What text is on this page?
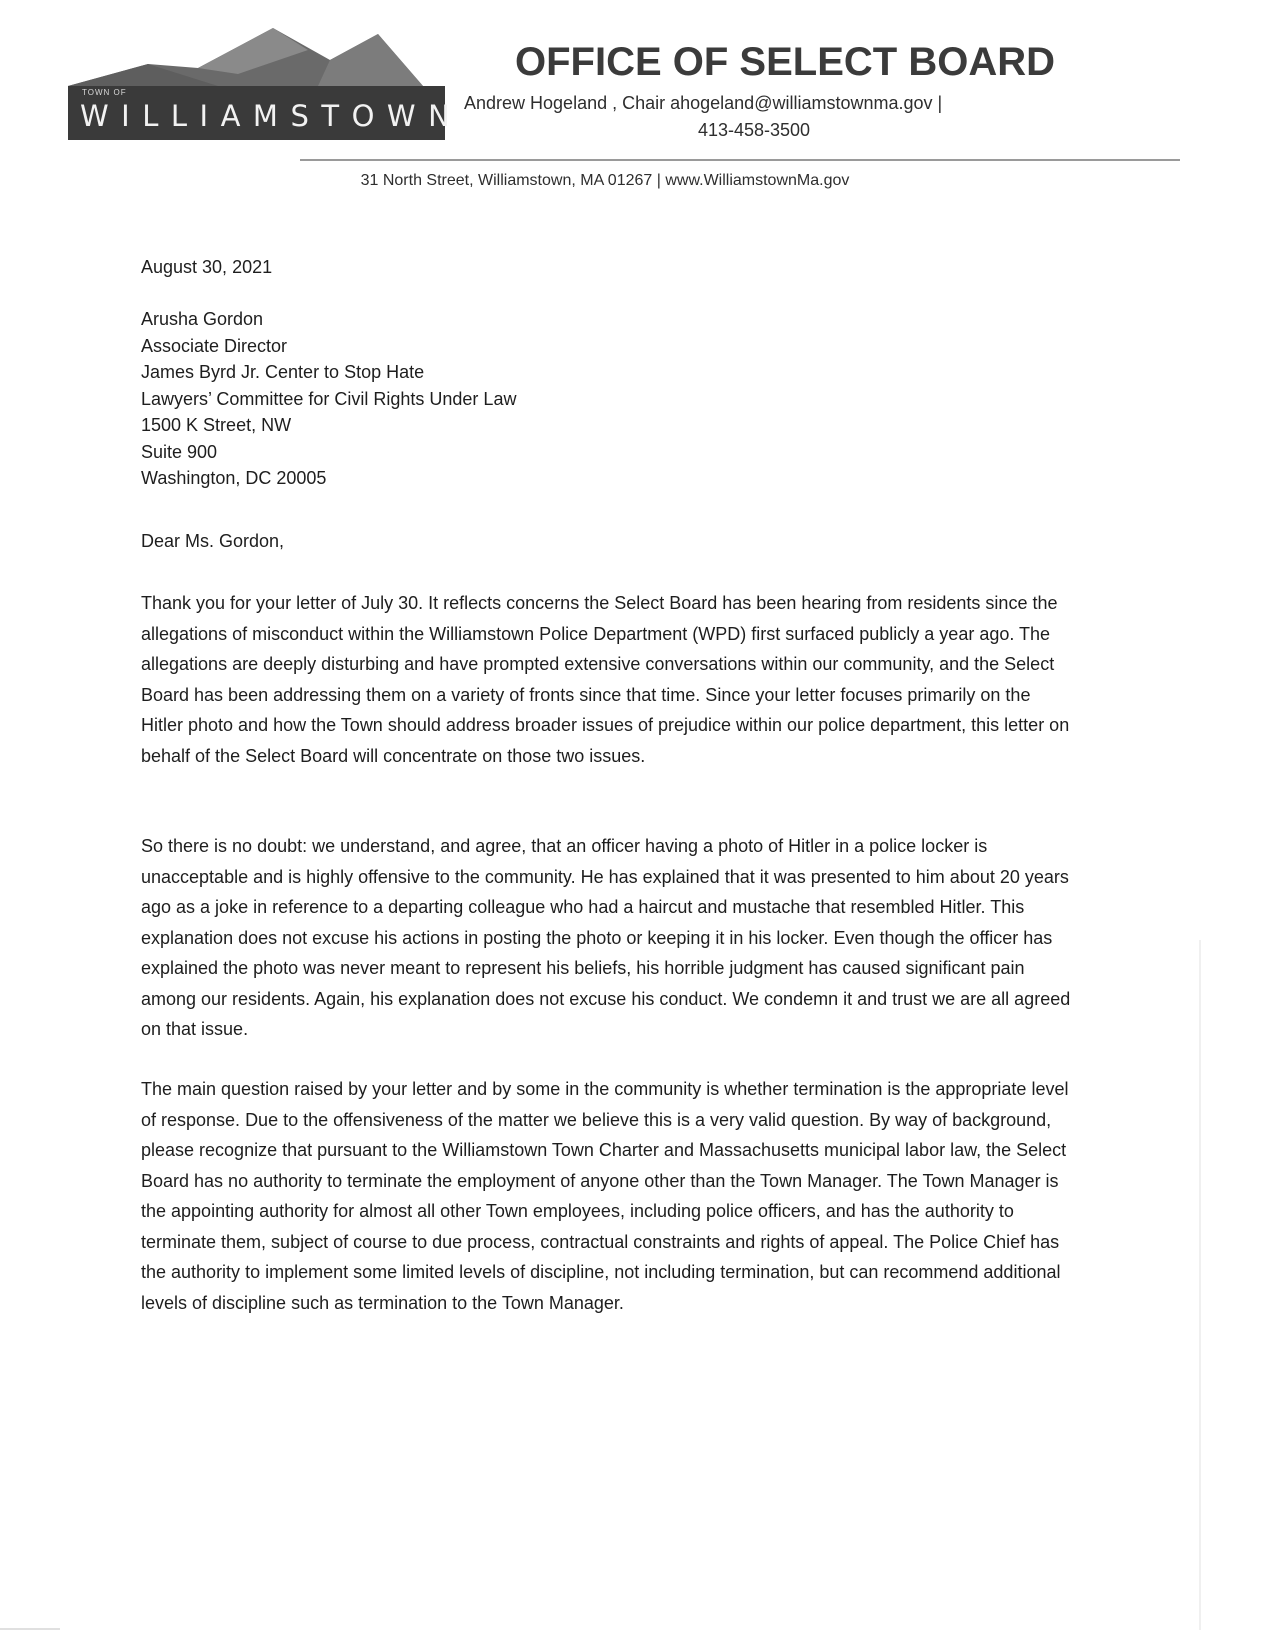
TOWN OF
WILLIAMSTOWN
OFFICE OF SELECT BOARD
Andrew Hogeland , Chair ahogeland@williamstownma.gov |
413-458-3500
31 North Street, Williamstown, MA 01267 | www.WilliamstownMa.gov
August 30, 2021
Arusha Gordon
Associate Director
James Byrd Jr. Center to Stop Hate
Lawyers’ Committee for Civil Rights Under Law
1500 K Street, NW
Suite 900
Washington, DC 20005
Dear Ms. Gordon,

Thank you for your letter of July 30. It reflects concerns the Select Board has been hearing from residents since the allegations of misconduct within the Williamstown Police Department (WPD) first surfaced publicly a year ago. The allegations are deeply disturbing and have prompted extensive conversations within our community, and the Select Board has been addressing them on a variety of fronts since that time. Since your letter focuses primarily on the Hitler photo and how the Town should address broader issues of prejudice within our police department, this letter on behalf of the Select Board will concentrate on those two issues.

So there is no doubt: we understand, and agree, that an officer having a photo of Hitler in a police locker is unacceptable and is highly offensive to the community. He has explained that it was presented to him about 20 years ago as a joke in reference to a departing colleague who had a haircut and mustache that resembled Hitler. This explanation does not excuse his actions in posting the photo or keeping it in his locker. Even though the officer has explained the photo was never meant to represent his beliefs, his horrible judgment has caused significant pain among our residents. Again, his explanation does not excuse his conduct. We condemn it and trust we are all agreed on that issue.

The main question raised by your letter and by some in the community is whether termination is the appropriate level of response. Due to the offensiveness of the matter we believe this is a very valid question. By way of background, please recognize that pursuant to the Williamstown Town Charter and Massachusetts municipal labor law, the Select Board has no authority to terminate the employment of anyone other than the Town Manager. The Town Manager is the appointing authority for almost all other Town employees, including police officers, and has the authority to terminate them, subject of course to due process, contractual constraints and rights of appeal. The Police Chief has the authority to implement some limited levels of discipline, not including termination, but can recommend additional levels of discipline such as termination to the Town Manager.
